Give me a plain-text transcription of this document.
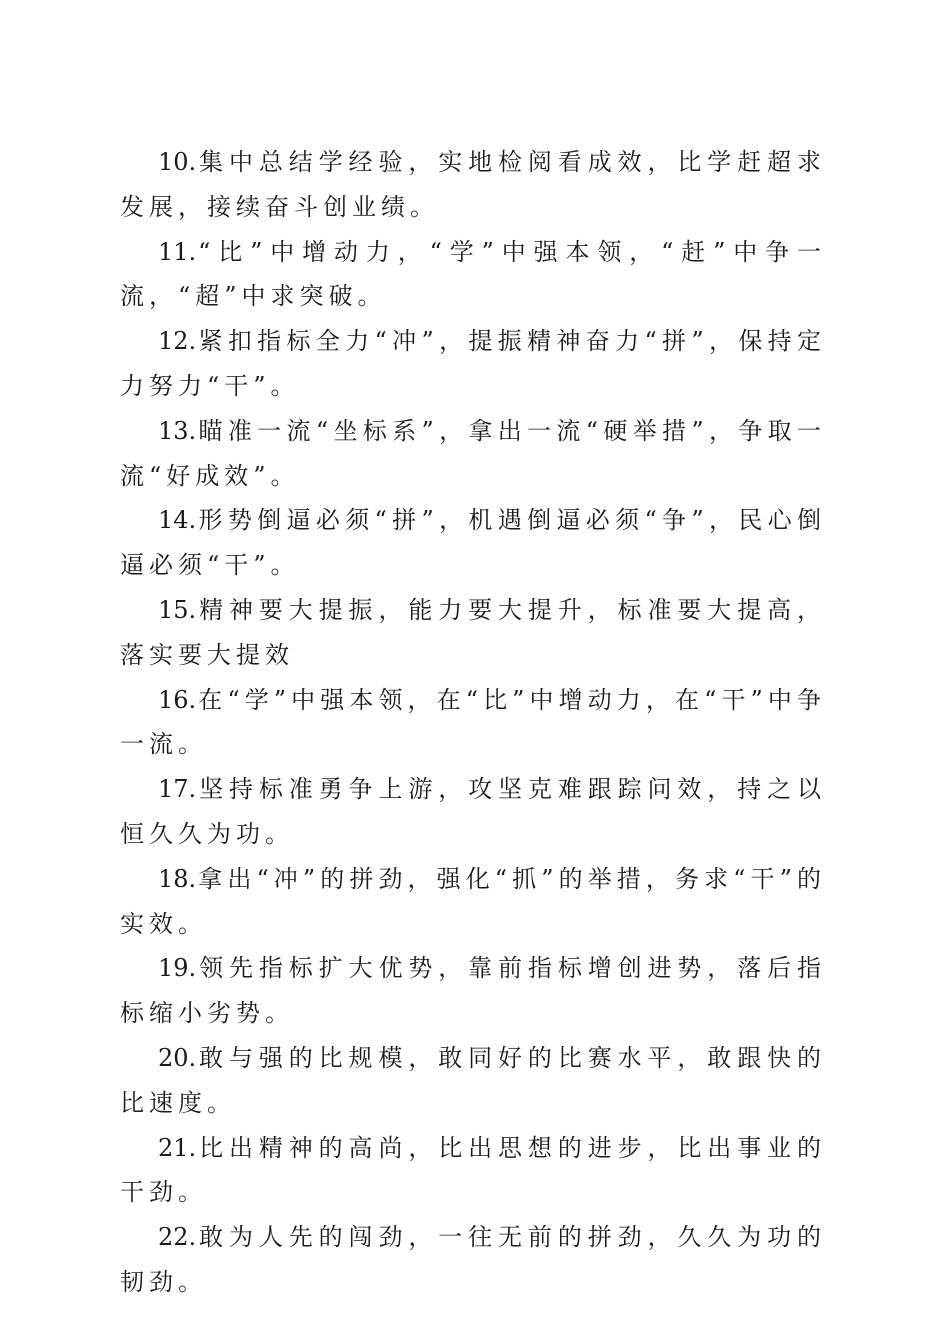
10.集中总结学经验，实地检阅看成效，比学赶超求发展，接续奋斗创业绩。

11.“比”中增动力，“学”中强本领，“赶”中争一流，“超”中求突破。

12.紧扣指标全力“冲”，提振精神奋力“拼”，保持定力努力“干”。

13.瞄准一流“坐标系”，拿出一流“硬举措”，争取一流“好成效”。

14.形势倒逼必须“拼”，机遇倒逼必须“争”，民心倒逼必须“干”。

15.精神要大提振，能力要大提升，标准要大提高，落实要大提效

16.在“学”中强本领，在“比”中增动力，在“干”中争一流。

17.坚持标准勇争上游，攻坚克难跟踪问效，持之以恒久久为功。

18.拿出“冲”的拼劲，强化“抓”的举措，务求“干”的实效。

19.领先指标扩大优势，靠前指标增创进势，落后指标缩小劣势。

20.敢与强的比规模，敢同好的比赛水平，敢跟快的比速度。

21.比出精神的高尚，比出思想的进步，比出事业的干劲。

22.敢为人先的闯劲，一往无前的拼劲，久久为功的韧劲。
